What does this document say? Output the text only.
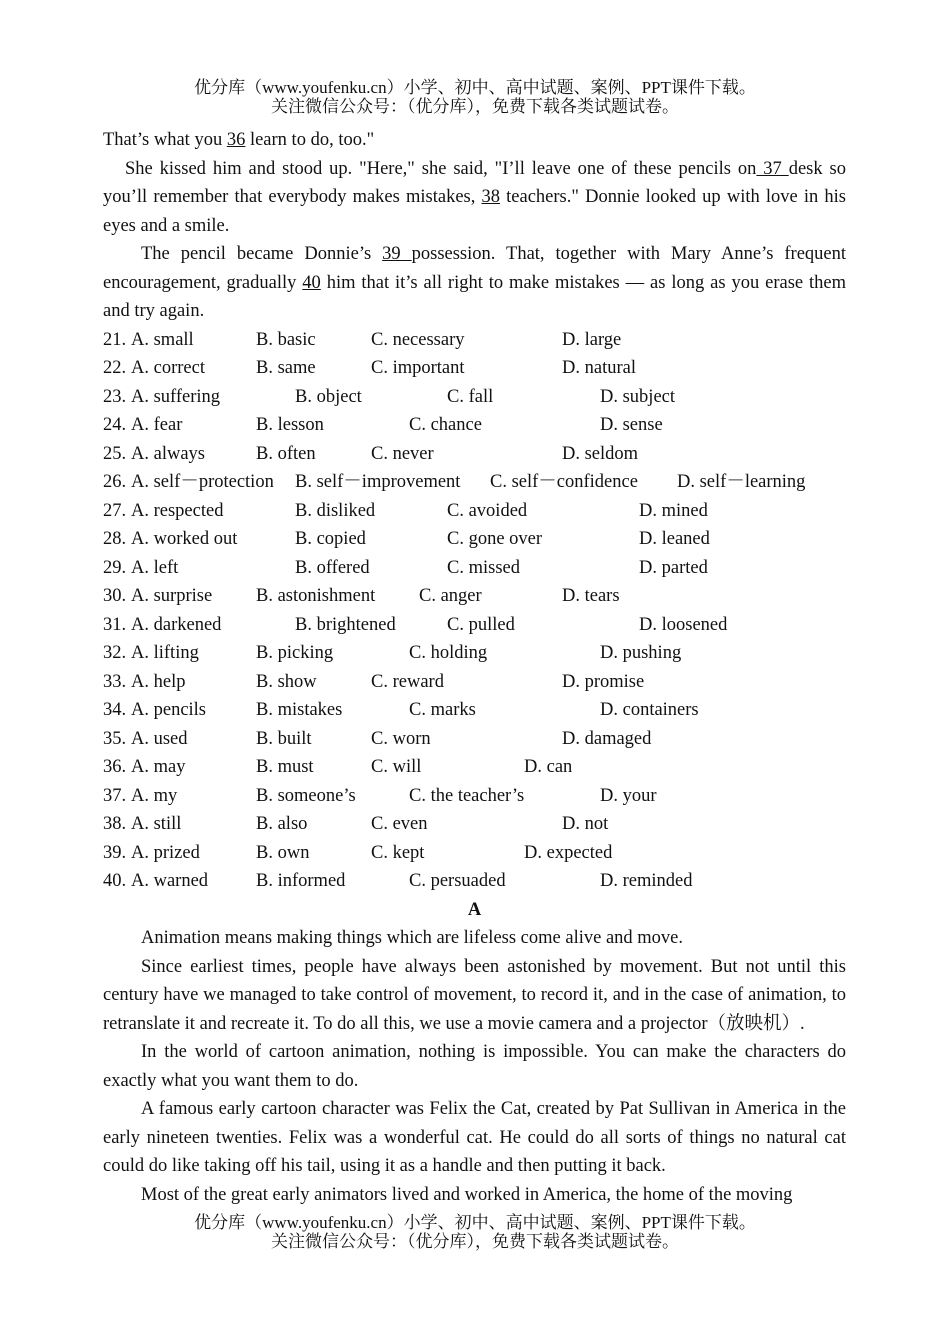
优分库（www.youfenku.cn）小学、初中、高中试题、案例、PPT课件下载。
关注微信公众号：（优分库），免费下载各类试题试卷。

That’s what you 36 learn to do, too."

She kissed him and stood up. "Here," she said, "I’ll leave one of these pencils on 37 desk so you’ll remember that everybody makes mistakes, 38 teachers." Donnie looked up with love in his eyes and a smile.

The pencil became Donnie’s 39 possession. That, together with Mary Anne’s frequent encouragement, gradually 40 him that it’s all right to make mistakes — as long as you erase them and try again.

21. A. small	B. basic	C. necessary	D. large
22. A. correct	B. same	C. important	D. natural
23. A. suffering	B. object	C. fall	D. subject
24. A. fear	B. lesson	C. chance	D. sense
25. A. always	B. often	C. never	D. seldom
26. A. self－protection B. self－improvement C. self－confidence D. self－learning
27. A. respected	B. disliked	C. avoided	D. mined
28. A. worked out	B. copied	C. gone over	D. leaned
29. A. left	B. offered	C. missed	D. parted
30. A. surprise B. astonishment C. anger	D. tears
31. A. darkened	B. brightened	C. pulled	D. loosened
32. A. lifting	B. picking	C. holding	D. pushing
33. A. help	B. show	C. reward	D. promise
34. A. pencils	B. mistakes	C. marks	D. containers
35. A. used	B. built	C. worn	D. damaged
36. A. may	B. must	C. will	D. can
37. A. my	B. someone’s	C. the teacher’s	D. your
38. A. still	B. also	C. even	D. not
39. A. prized	B. own	C. kept	D. expected
40. A. warned	B. informed	C. persuaded	D. reminded
A

Animation means making things which are lifeless come alive and move.

Since earliest times, people have always been astonished by movement. But not until this century have we managed to take control of movement, to record it, and in the case of animation, to retranslate it and recreate it. To do all this, we use a movie camera and a projector（放映机）.

In the world of cartoon animation, nothing is impossible. You can make the characters do exactly what you want them to do.

A famous early cartoon character was Felix the Cat, created by Pat Sullivan in America in the early nineteen twenties. Felix was a wonderful cat. He could do all sorts of things no natural cat could do like taking off his tail, using it as a handle and then putting it back.

Most of the great early animators lived and worked in America, the home of the moving

优分库（www.youfenku.cn）小学、初中、高中试题、案例、PPT课件下载。
关注微信公众号：（优分库），免费下载各类试题试卷。
